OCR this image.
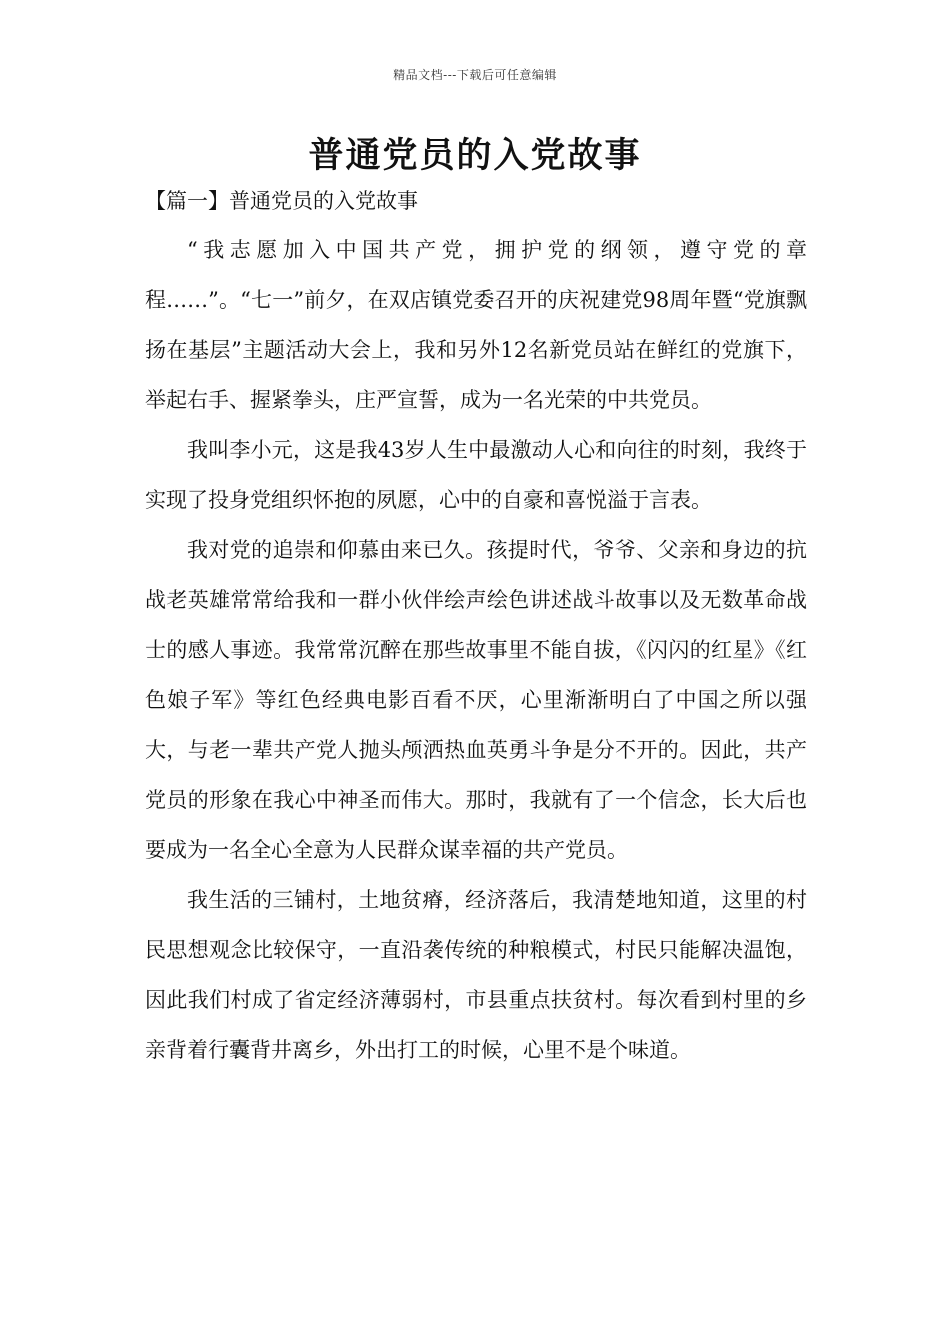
精品文档---下载后可任意编辑
普通党员的入党故事
【篇一】普通党员的入党故事

“我志愿加入中国共产党，拥护党的纲领，遵守党的章程……”。“七一”前夕，在双店镇党委召开的庆祝建党98周年暨“党旗飘扬在基层”主题活动大会上，我和另外12名新党员站在鲜红的党旗下，举起右手、握紧拳头，庄严宣誓，成为一名光荣的中共党员。

我叫李小元，这是我43岁人生中最激动人心和向往的时刻，我终于实现了投身党组织怀抱的夙愿，心中的自豪和喜悦溢于言表。

我对党的追崇和仰慕由来已久。孩提时代，爷爷、父亲和身边的抗战老英雄常常给我和一群小伙伴绘声绘色讲述战斗故事以及无数革命战士的感人事迹。我常常沉醉在那些故事里不能自拔，《闪闪的红星》《红色娘子军》等红色经典电影百看不厌，心里渐渐明白了中国之所以强大，与老一辈共产党人抛头颅洒热血英勇斗争是分不开的。因此，共产党员的形象在我心中神圣而伟大。那时，我就有了一个信念，长大后也要成为一名全心全意为人民群众谋幸福的共产党员。

我生活的三铺村，土地贫瘠，经济落后，我清楚地知道，这里的村民思想观念比较保守，一直沿袭传统的种粮模式，村民只能解决温饱，因此我们村成了省定经济薄弱村，市县重点扶贫村。每次看到村里的乡亲背着行囊背井离乡，外出打工的时候，心里不是个味道。
